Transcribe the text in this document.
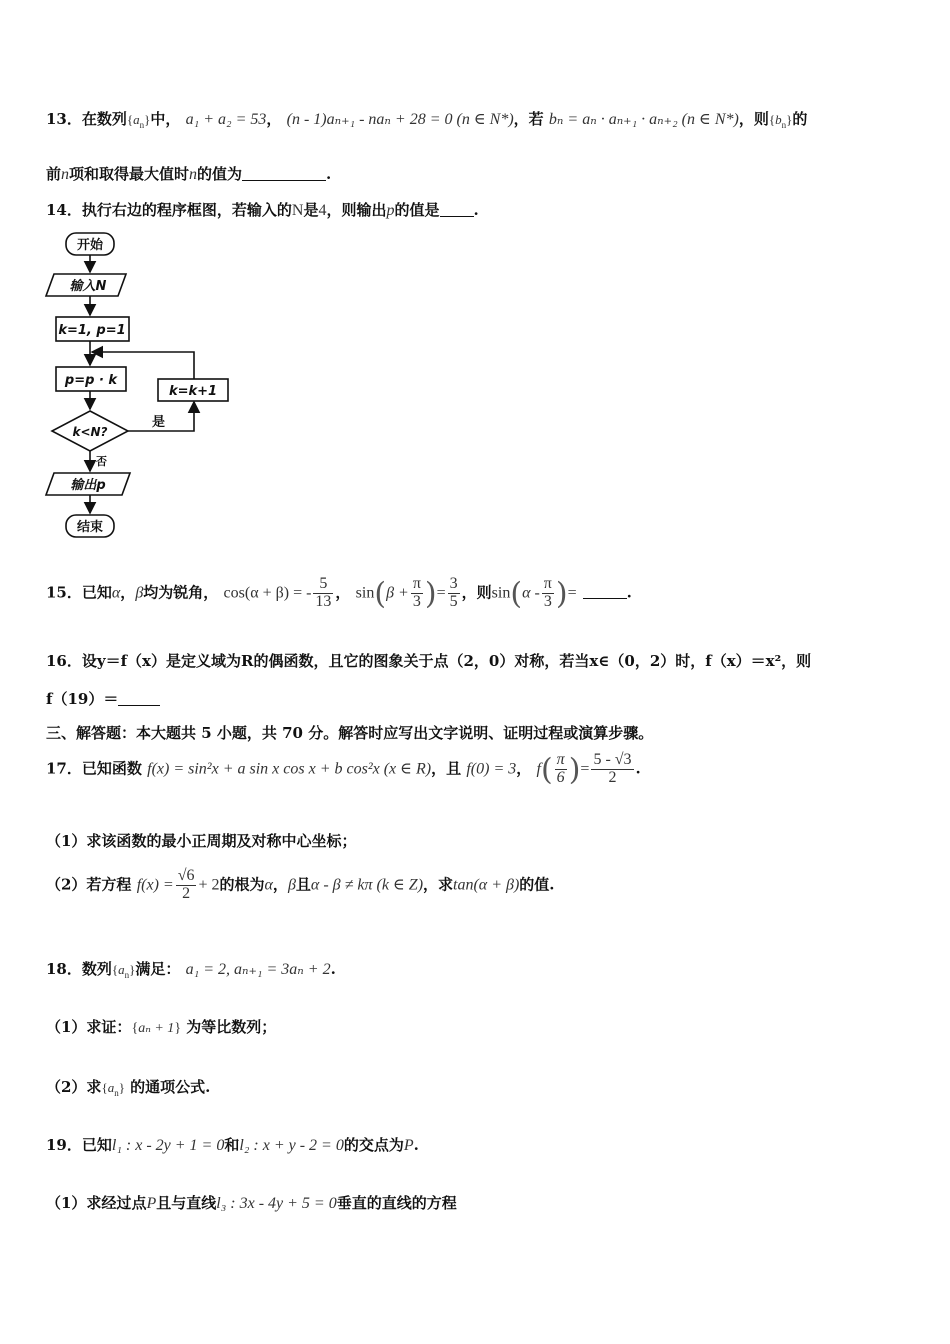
13．在数列$\{a_n\}$中， a₁ + a₂ = 53， (n - 1)aₙ₊₁ - naₙ + 28 = 0 (n ∈ N*)，若 bₙ = aₙ · aₙ₊₁ · aₙ₊₂ (n ∈ N*)，则$\{b_n\}$的
前n项和取得最大值时n的值为	.
14．执行右边的程序框图，若输入的N是4，则输出p的值是 .
开始
输入N
k=1, p=1
p=p · k
k<N?
k=k+1
是
否
输出p
结束
15．已知α，β均为锐角， cos(α + β) = - $\frac{5}{13}$ ， $\sin(\beta + \frac{\pi}{3}$ )= $\frac{3}{5}$ ，则$\sin(\alpha - \frac{\pi}{3}$ )=	.
16．设y＝f（x）是定义域为R的偶函数，且它的图象关于点（2，0）对称，若当x∈（0，2）时，f（x）＝x²，则
f（19）＝
三、解答题：本大题共 5 小题，共 70 分。解答时应写出文字说明、证明过程或演算步骤。
17．已知函数 f(x) = sin²x + a sin x cos x + b cos²x (x ∈ R)，且 f(0) = 3， $f( \frac{\pi}{6}$ )= $\frac{5 - √3}{2}$ .
（1）求该函数的最小正周期及对称中心坐标；
（2）若方程 $f(x) = \frac{√6}{2} + 2$的根为α，β且α - β ≠ kπ (k ∈ Z)，求tan(α + β)的值.
18．数列$\{a_n\}$满足： a₁ = 2, aₙ₊₁ = 3aₙ + 2.
（1）求证：{aₙ + 1} 为等比数列；
（2）求$\{a_n\}$ 的通项公式.
19．已知l₁ : x - 2y + 1 = 0和l₂ : x + y - 2 = 0的交点为P.
（1）求经过点P且与直线l₃ : 3x - 4y + 5 = 0垂直的直线的方程
